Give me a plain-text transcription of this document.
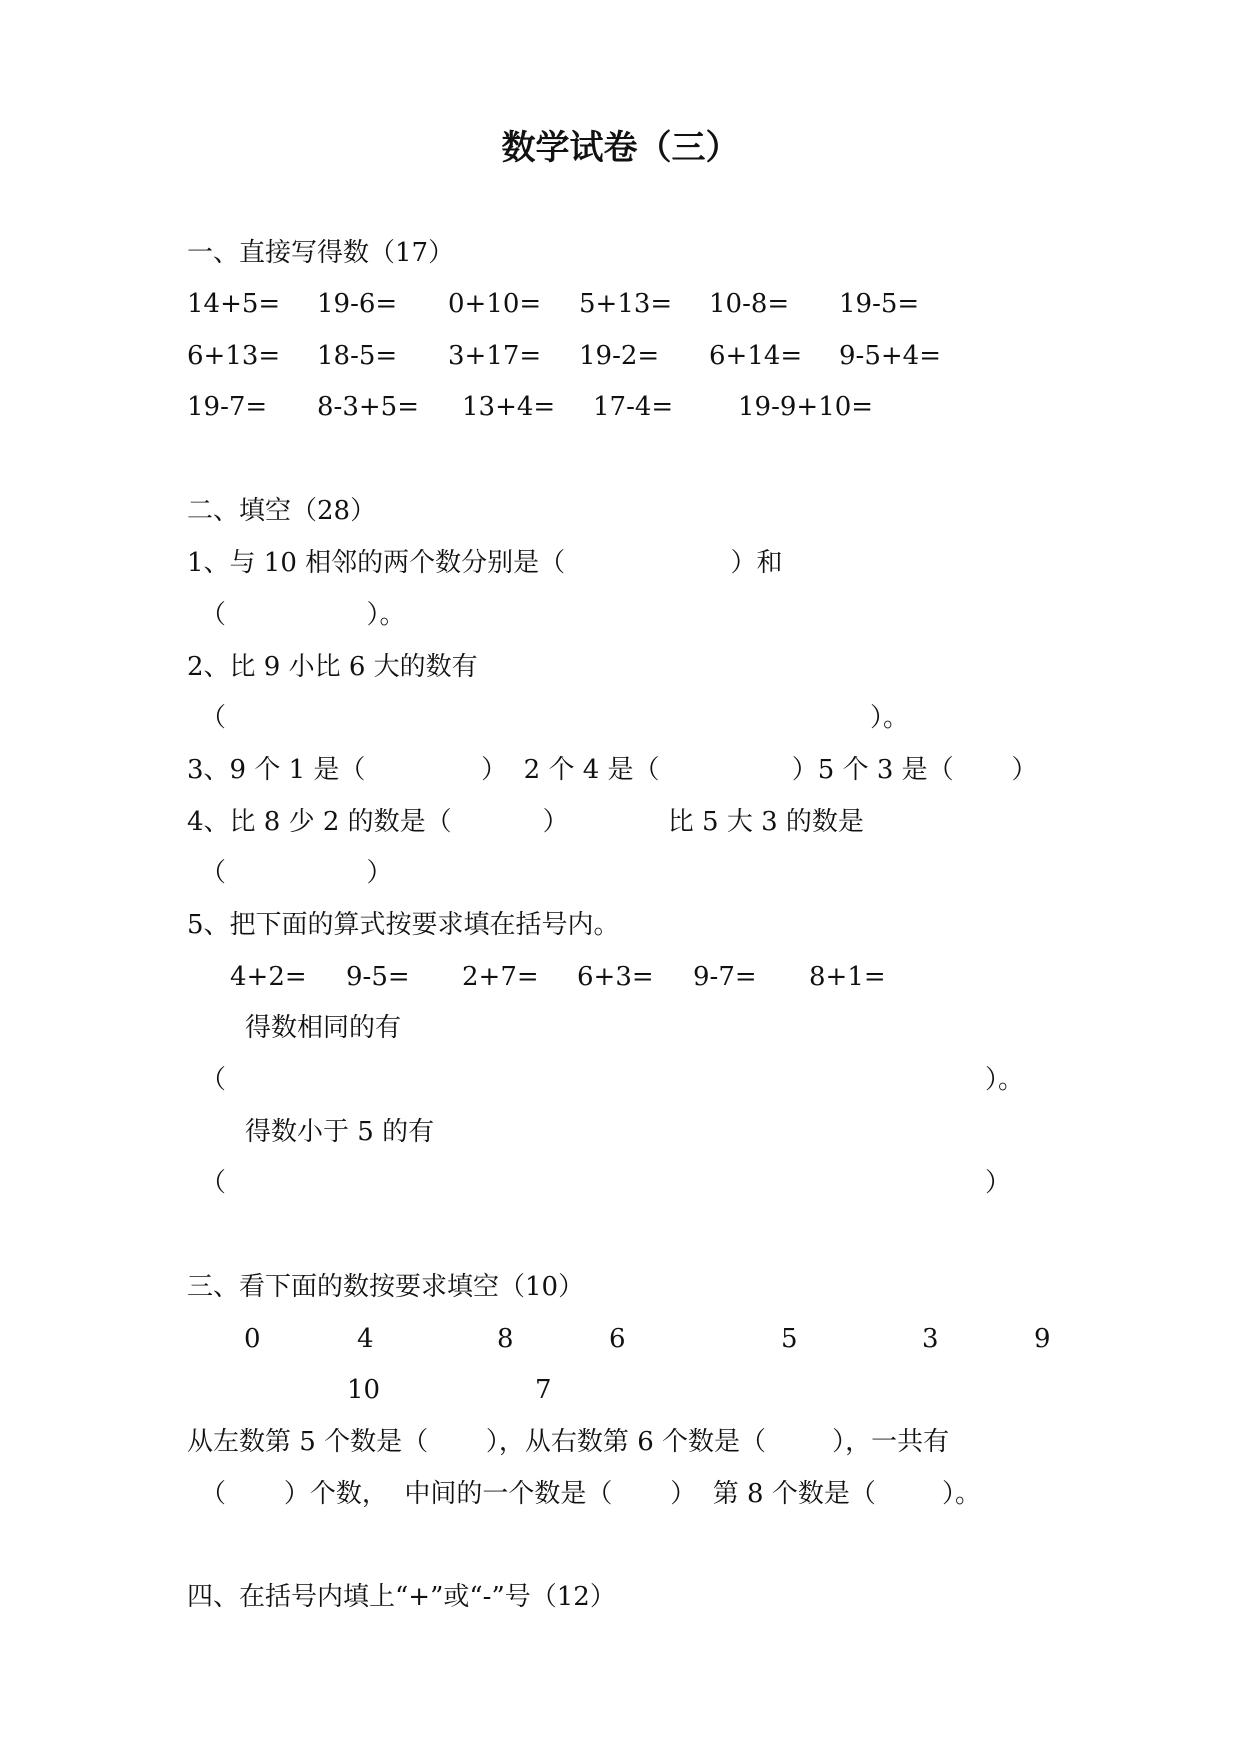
数学试卷（三）
一、直接写得数（17）
14+5= 19-6= 0+10= 5+13= 10-8= 19-5=
6+13= 18-5= 3+17= 19-2= 6+14= 9-5+4=
19-7= 8-3+5= 13+4= 17-4= 19-9+10=
二、填空（28）
1、与 10 相邻的两个数分别是（                    ）和
（                 ）。
2、比 9 小比 6 大的数有
（	）。
3、9 个 1 是（              ）  2 个 4 是（                ）5 个 3 是（       ）
4、比 8 少 2 的数是（           ）            比 5 大 3 的数是
（                 ）
5、把下面的算式按要求填在括号内。
4+2= 9-5= 2+7= 6+3= 9-7= 8+1=
得数相同的有
（	）。
得数小于 5 的有
（	）
三、看下面的数按要求填空（10）
0	4	8	6	5	3	9
10	7
从左数第 5 个数是（       ），从右数第 6 个数是（        ），一共有
（       ）个数，  中间的一个数是（       ）  第 8 个数是（        ）。
四、在括号内填上“+”或“-”号（12）
